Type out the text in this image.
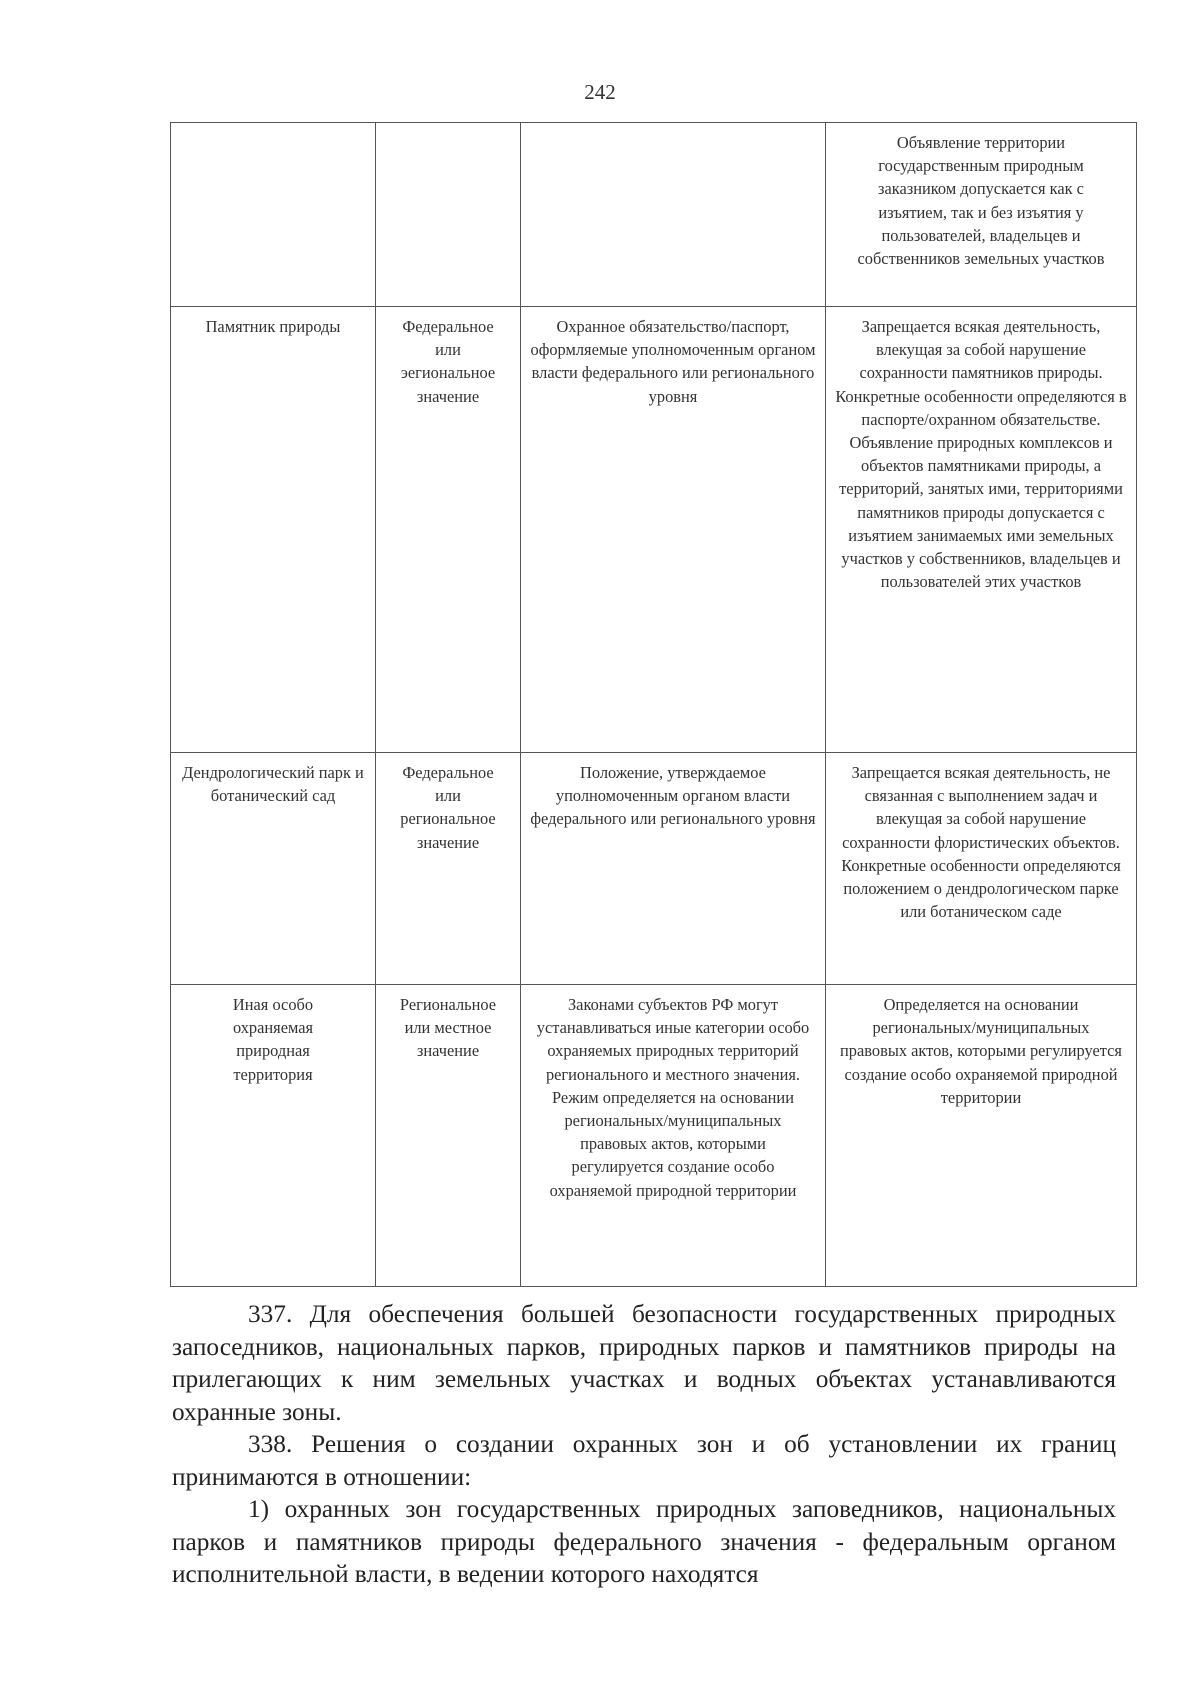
242
			Объявление территории государственным природным заказником допускается как с изъятием, так и без изъятия у пользователей, владельцев и собственников земельных участков
Памятник природы	Федеральное или эегиональное значение	Охранное обязательство/паспорт, оформляемые уполномоченным органом власти федерального или регионального уровня	Запрещается всякая деятельность, влекущая за собой нарушение сохранности памятников природы. Конкретные особенности определяются в паспорте/охранном обязательстве. Объявление природных комплексов и объектов памятниками природы, а территорий, занятых ими, территориями памятников природы допускается с изъятием занимаемых ими земельных участков у собственников, владельцев и пользователей этих участков
Дендрологический парк и ботанический сад	Федеральное или региональное значение	Положение, утверждаемое уполномоченным органом власти федерального или регионального уровня	Запрещается всякая деятельность, не связанная с выполнением задач и влекущая за собой нарушение сохранности флористических объектов. Конкретные особенности определяются положением о дендрологическом парке или ботаническом саде
Иная особо охраняемая природная территория	Региональное или местное значение	Законами субъектов РФ могут устанавливаться иные категории особо охраняемых природных территорий регионального и местного значения. Режим определяется на основании региональных/муниципальных правовых актов, которыми регулируется создание особо охраняемой природной территории	Определяется на основании региональных/муниципальных правовых актов, которыми регулируется создание особо охраняемой природной территории

337. Для обеспечения большей безопасности государственных природных запоседников, национальных парков, природных парков и памятников природы на прилегающих к ним земельных участках и водных объектах устанавливаются охранные зоны.

338. Решения о создании охранных зон и об установлении их границ принимаются в отношении:

1) охранных зон государственных природных заповедников, национальных парков и памятников природы федерального значения - федеральным органом исполнительной власти, в ведении которого находятся
